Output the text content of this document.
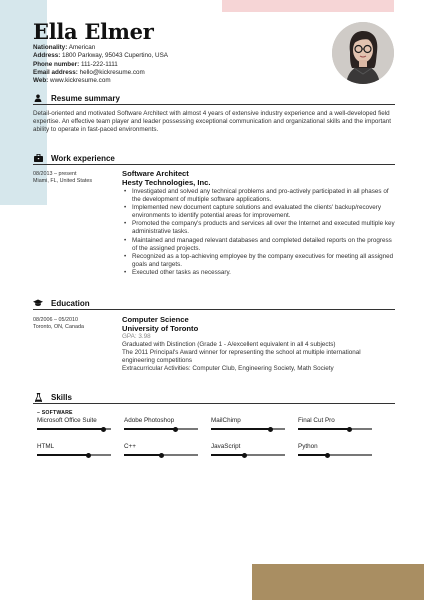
Ella Elmer
Nationality: American
Address: 1800 Parkway, 95043 Cupertino, USA
Phone number: 111-222-1111
Email address: hello@kickresume.com
Web: www.kickresume.com
Resume summary
Detail-oriented and motivated Software Architect with almost 4 years of extensive industry experience and a well-developed field expertise. An effective team player and leader possessing exceptional communication and organizational skills and the important ability to operate in fast-paced environments.
Work experience
08/2013 – present
Miami, FL, United States
Software Architect
Hesty Technologies, Inc.
• Investigated and solved any technical problems and pro-actively participated in all phases of the development of multiple software applications.
• Implemented new document capture solutions and evaluated the clients' backup/recovery environments to identify potential areas for improvement.
• Promoted the company's products and services all over the Internet and executed multiple key administrative tasks.
• Maintained and managed relevant databases and completed detailed reports on the progress of the assigned projects.
• Recognized as a top-achieving employee by the company executives for meeting all assigned goals and targets.
• Executed other tasks as necessary.
Education
08/2006 – 05/2010
Toronto, ON, Canada
Computer Science
University of Toronto
GPA: 3.98
Graduated with Distinction (Grade 1 - A/excellent equivalent in all 4 subjects)
The 2011 Principal's Award winner for representing the school at multiple international engineering competitions
Extracurricular Activities: Computer Club, Engineering Society, Math Society
Skills
– SOFTWARE
Microsoft Office Suite	Adobe Photoshop	MailChimp	Final Cut Pro
HTML	C++	JavaScript	Python
